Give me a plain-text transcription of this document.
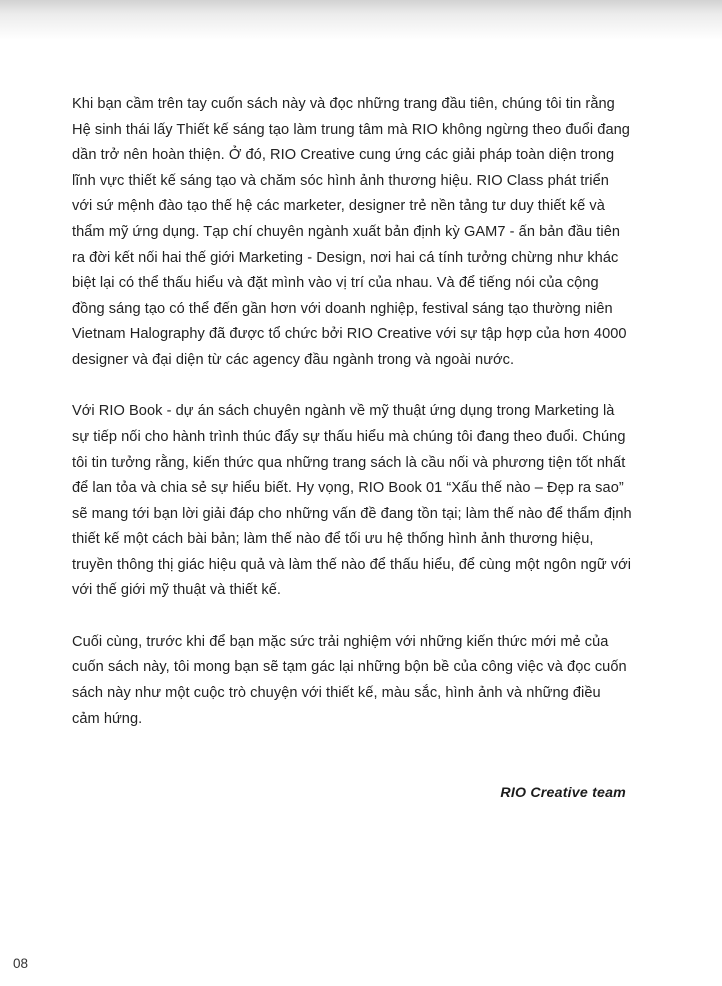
Khi bạn cầm trên tay cuốn sách này và đọc những trang đầu tiên, chúng tôi tin rằng Hệ sinh thái lấy Thiết kế sáng tạo làm trung tâm mà RIO không ngừng theo đuổi đang dần trở nên hoàn thiện. Ở đó, RIO Creative cung ứng các giải pháp toàn diện trong lĩnh vực thiết kế sáng tạo và chăm sóc hình ảnh thương hiệu. RIO Class phát triển với sứ mệnh đào tạo thế hệ các marketer, designer trẻ nền tảng tư duy thiết kế và thẩm mỹ ứng dụng. Tạp chí chuyên ngành xuất bản định kỳ GAM7 - ấn bản đầu tiên ra đời kết nối hai thế giới Marketing - Design, nơi hai cá tính tưởng chừng như khác biệt lại có thể thấu hiểu và đặt mình vào vị trí của nhau. Và để tiếng nói của cộng đồng sáng tạo có thể đến gần hơn với doanh nghiệp, festival sáng tạo thường niên Vietnam Halography đã được tổ chức bởi RIO Creative với sự tập hợp của hơn 4000 designer và đại diện từ các agency đầu ngành trong và ngoài nước.

Với RIO Book - dự án sách chuyên ngành về mỹ thuật ứng dụng trong Marketing là sự tiếp nối cho hành trình thúc đẩy sự thấu hiểu mà chúng tôi đang theo đuổi. Chúng tôi tin tưởng rằng, kiến thức qua những trang sách là cầu nối và phương tiện tốt nhất để lan tỏa và chia sẻ sự hiểu biết. Hy vọng, RIO Book 01 “Xấu thế nào – Đẹp ra sao” sẽ mang tới bạn lời giải đáp cho những vấn đề đang tồn tại; làm thế nào để thẩm định thiết kế một cách bài bản; làm thế nào để tối ưu hệ thống hình ảnh thương hiệu, truyền thông thị giác hiệu quả và làm thế nào để thấu hiểu, để cùng một ngôn ngữ với với thế giới mỹ thuật và thiết kế.

Cuối cùng, trước khi để bạn mặc sức trải nghiệm với những kiến thức mới mẻ của cuốn sách này, tôi mong bạn sẽ tạm gác lại những bộn bề của công việc và đọc cuốn sách này như một cuộc trò chuyện với thiết kế, màu sắc, hình ảnh và những điều cảm hứng.

RIO Creative team
08
